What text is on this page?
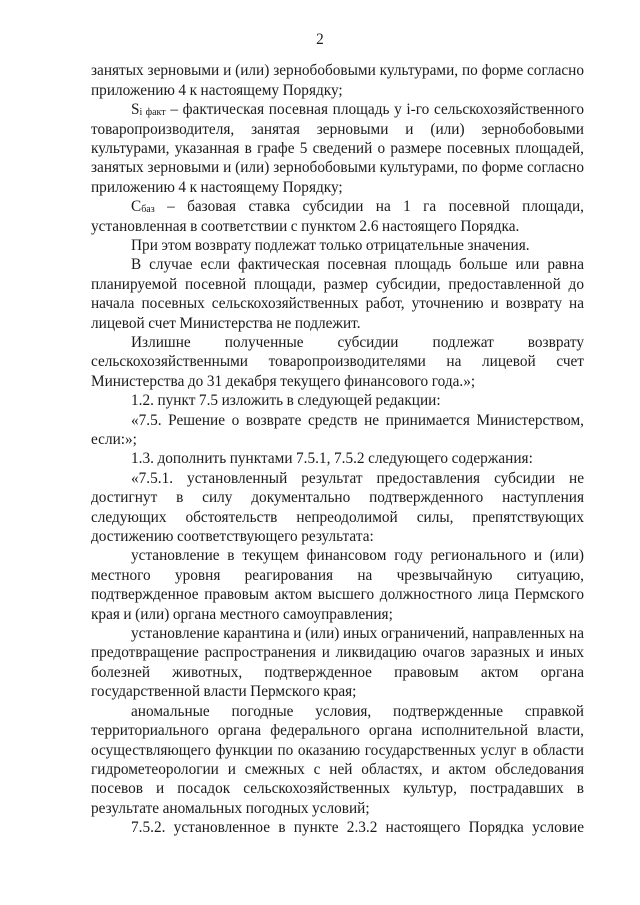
2

занятых зерновыми и (или) зернобобовыми культурами, по форме согласно приложению 4 к настоящему Порядку;

Si факт – фактическая посевная площадь у i-го сельскохозяйственного товаропроизводителя, занятая зерновыми и (или) зернобобовыми культурами, указанная в графе 5 сведений о размере посевных площадей, занятых зерновыми и (или) зернобобовыми культурами, по форме согласно приложению 4 к настоящему Порядку;

Cбаз – базовая ставка субсидии на 1 га посевной площади, установленная в соответствии с пунктом 2.6 настоящего Порядка.

При этом возврату подлежат только отрицательные значения.

В случае если фактическая посевная площадь больше или равна планируемой посевной площади, размер субсидии, предоставленной до начала посевных сельскохозяйственных работ, уточнению и возврату на лицевой счет Министерства не подлежит.

Излишне полученные субсидии подлежат возврату сельскохозяйственными товаропроизводителями на лицевой счет Министерства до 31 декабря текущего финансового года.»;

1.2. пункт 7.5 изложить в следующей редакции:

«7.5. Решение о возврате средств не принимается Министерством, если:»;

1.3. дополнить пунктами 7.5.1, 7.5.2 следующего содержания:

«7.5.1. установленный результат предоставления субсидии не достигнут в силу документально подтвержденного наступления следующих обстоятельств непреодолимой силы, препятствующих достижению соответствующего результата:

установление в текущем финансовом году регионального и (или) местного уровня реагирования на чрезвычайную ситуацию, подтвержденное правовым актом высшего должностного лица Пермского края и (или) органа местного самоуправления;

установление карантина и (или) иных ограничений, направленных на предотвращение распространения и ликвидацию очагов заразных и иных болезней животных, подтвержденное правовым актом органа государственной власти Пермского края;

аномальные погодные условия, подтвержденные справкой территориального органа федерального органа исполнительной власти, осуществляющего функции по оказанию государственных услуг в области гидрометеорологии и смежных с ней областях, и актом обследования посевов и посадок сельскохозяйственных культур, пострадавших в результате аномальных погодных условий;

7.5.2. установленное в пункте 2.3.2 настоящего Порядка условие
